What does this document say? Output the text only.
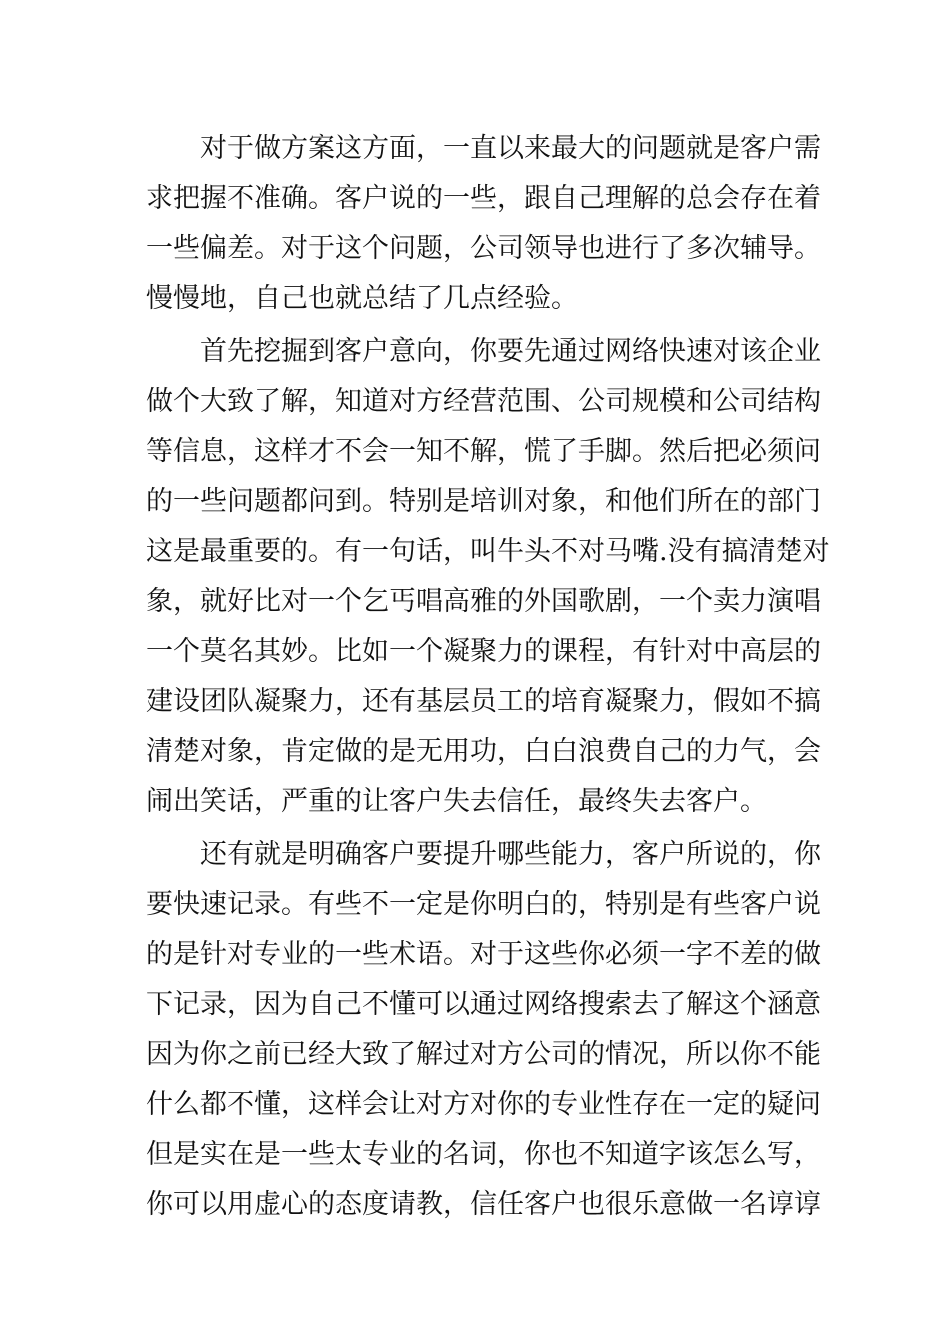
　　对于做方案这方面，一直以来最大的问题就是客户需
求把握不准确。客户说的一些，跟自己理解的总会存在着
一些偏差。对于这个问题，公司领导也进行了多次辅导。
慢慢地，自己也就总结了几点经验。
　　首先挖掘到客户意向，你要先通过网络快速对该企业
做个大致了解，知道对方经营范围、公司规模和公司结构
等信息，这样才不会一知不解，慌了手脚。然后把必须问
的一些问题都问到。特别是培训对象，和他们所在的部门
这是最重要的。有一句话，叫牛头不对马嘴.没有搞清楚对
象，就好比对一个乞丐唱高雅的外国歌剧，一个卖力演唱
一个莫名其妙。比如一个凝聚力的课程，有针对中高层的
建设团队凝聚力，还有基层员工的培育凝聚力，假如不搞
清楚对象，肯定做的是无用功，白白浪费自己的力气，会
闹出笑话，严重的让客户失去信任，最终失去客户。
　　还有就是明确客户要提升哪些能力，客户所说的，你
要快速记录。有些不一定是你明白的，特别是有些客户说
的是针对专业的一些术语。对于这些你必须一字不差的做
下记录，因为自己不懂可以通过网络搜索去了解这个涵意
因为你之前已经大致了解过对方公司的情况，所以你不能
什么都不懂，这样会让对方对你的专业性存在一定的疑问
但是实在是一些太专业的名词，你也不知道字该怎么写，
你可以用虚心的态度请教，信任客户也很乐意做一名谆谆
